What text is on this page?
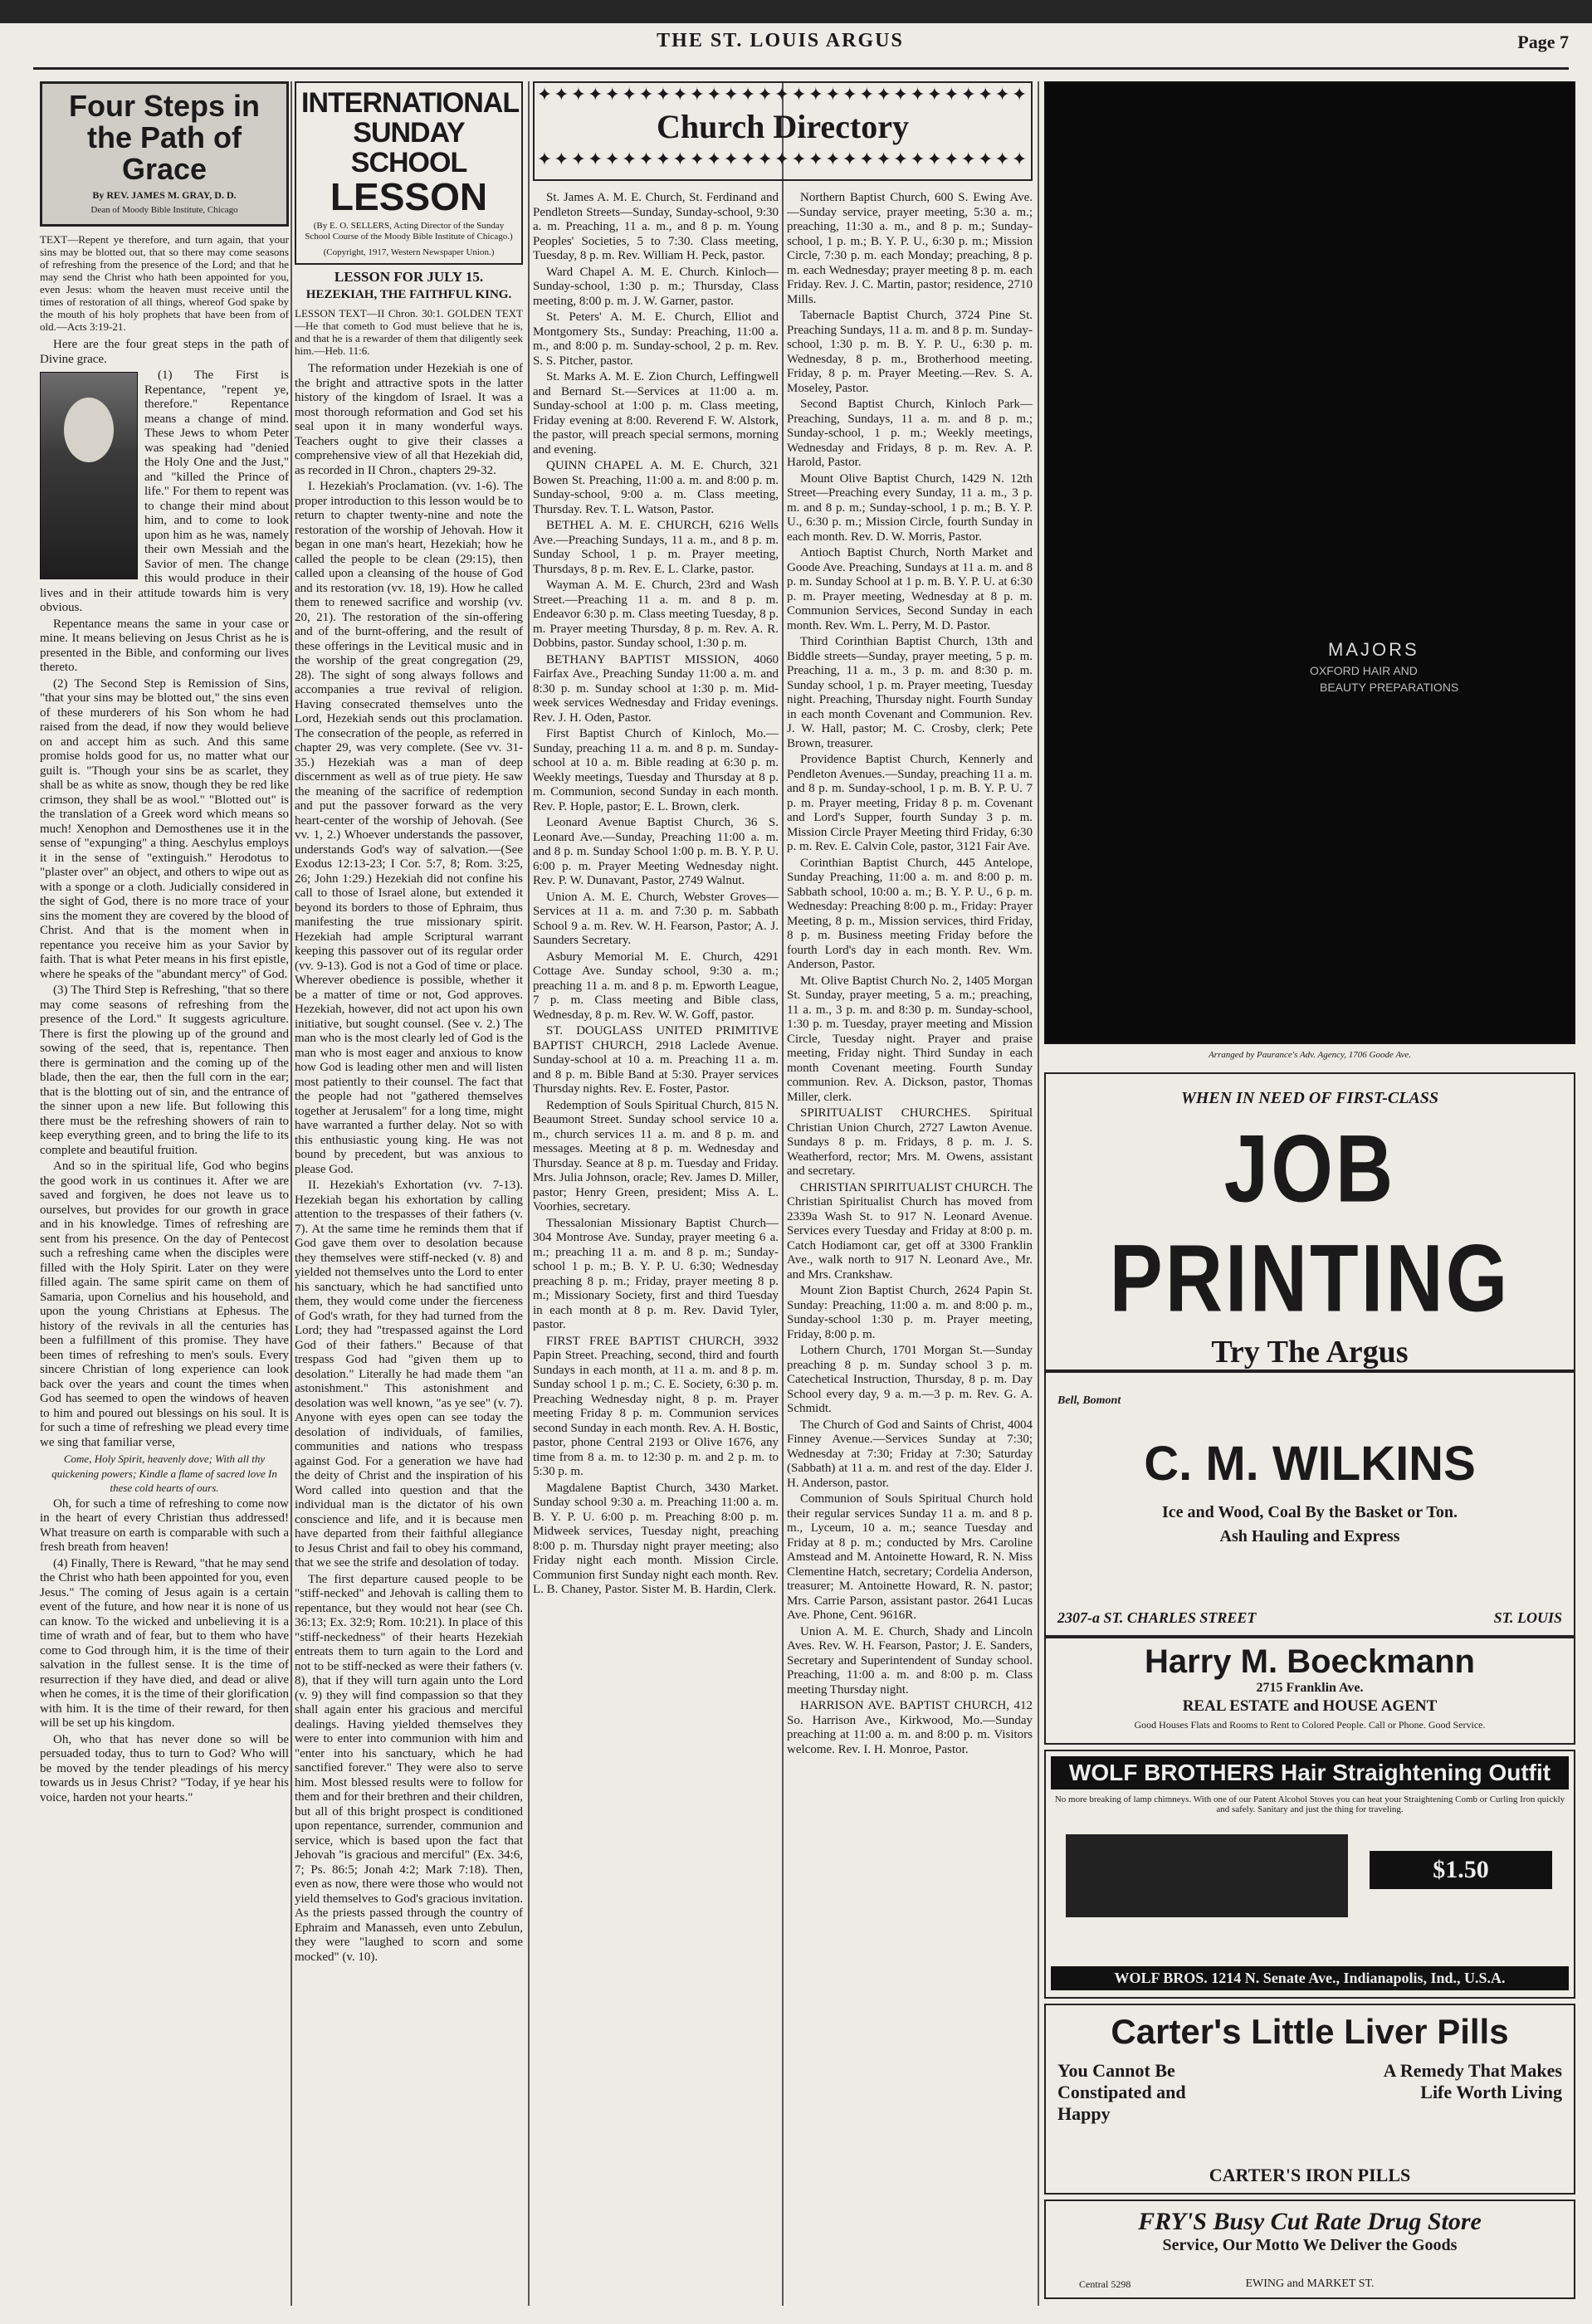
THE ST. LOUIS ARGUS	Page 7
Four Steps in the Path of Grace
By REV. JAMES M. GRAY, D. D.
Dean of Moody Bible Institute, Chicago
TEXT—Repent ye therefore, and turn again, that your sins may be blotted out, that so there may come seasons of refreshing from the presence of the Lord; and that he may send the Christ who hath been appointed for you, even Jesus: whom the heaven must receive until the times of restoration of all things, whereof God spake by the mouth of his holy prophets that have been from of old.—Acts 3:19-21.

Here are the four great steps in the path of Divine grace.

(1) The First is Repentance, "repent ye, therefore." Repentance means a change of mind. These Jews to whom Peter was speaking had "denied the Holy One and the Just," and "killed the Prince of life." For them to repent was to change their mind about him, and to come to look upon him as he was, namely their own Messiah and the Savior of men. The change this would produce in their lives and in their attitude towards him is very obvious.

Repentance means the same in your case or mine. It means believing on Jesus Christ as he is presented in the Bible, and conforming our lives thereto.

(2) The Second Step is Remission of Sins, "that your sins may be blotted out," the sins even of these murderers of his Son whom he had raised from the dead, if now they would believe on and accept him as such. And this same promise holds good for us, no matter what our guilt is. "Though your sins be as scarlet, they shall be as white as snow, though they be red like crimson, they shall be as wool." "Blotted out" is the translation of a Greek word which means so much! Xenophon and Demosthenes use it in the sense of "expunging" a thing. Aeschylus employs it in the sense of "extinguish." Herodotus to "plaster over" an object, and others to wipe out as with a sponge or a cloth. Judicially considered in the sight of God, there is no more trace of your sins the moment they are covered by the blood of Christ. And that is the moment when in repentance you receive him as your Savior by faith. That is what Peter means in his first epistle, where he speaks of the "abundant mercy" of God.

(3) The Third Step is Refreshing, "that so there may come seasons of refreshing from the presence of the Lord." It suggests agriculture. There is first the plowing up of the ground and sowing of the seed, that is, repentance. Then there is germination and the coming up of the blade, then the ear, then the full corn in the ear; that is the blotting out of sin, and the entrance of the sinner upon a new life. But following this there must be the refreshing showers of rain to keep everything green, and to bring the life to its complete and beautiful fruition.

And so in the spiritual life, God who begins the good work in us continues it. After we are saved and forgiven, he does not leave us to ourselves, but provides for our growth in grace and in his knowledge. Times of refreshing are sent from his presence. On the day of Pentecost such a refreshing came when the disciples were filled with the Holy Spirit. Later on they were filled again. The same spirit came on them of Samaria, upon Cornelius and his household, and upon the young Christians at Ephesus. The history of the revivals in all the centuries has been a fulfillment of this promise. They have been times of refreshing to men's souls. Every sincere Christian of long experience can look back over the years and count the times when God has seemed to open the windows of heaven to him and poured out blessings on his soul. It is for such a time of refreshing we plead every time we sing that familiar verse,

Come, Holy Spirit, heavenly dove; With all thy quickening powers; Kindle a flame of sacred love In these cold hearts of ours.

Oh, for such a time of refreshing to come now in the heart of every Christian thus addressed! What treasure on earth is comparable with such a fresh breath from heaven!

(4) Finally, There is Reward, "that he may send the Christ who hath been appointed for you, even Jesus." The coming of Jesus again is a certain event of the future, and how near it is none of us can know. To the wicked and unbelieving it is a time of wrath and of fear, but to them who have come to God through him, it is the time of their salvation in the fullest sense. It is the time of resurrection if they have died, and dead or alive when he comes, it is the time of their glorification with him. It is the time of their reward, for then will be set up his kingdom.

Oh, who that has never done so will be persuaded today, thus to turn to God? Who will be moved by the tender pleadings of his mercy towards us in Jesus Christ? "Today, if ye hear his voice, harden not your hearts."

INTERNATIONAL
SUNDAY SCHOOL
LESSON
(By E. O. SELLERS, Acting Director of the Sunday School Course of the Moody Bible Institute of Chicago.)
(Copyright, 1917, Western Newspaper Union.)
LESSON FOR JULY 15.
HEZEKIAH, THE FAITHFUL KING.
LESSON TEXT—II Chron. 30:1. GOLDEN TEXT—He that cometh to God must believe that he is, and that he is a rewarder of them that diligently seek him.—Heb. 11:6.

The reformation under Hezekiah is one of the bright and attractive spots in the latter history of the kingdom of Israel. It was a most thorough reformation and God set his seal upon it in many wonderful ways. Teachers ought to give their classes a comprehensive view of all that Hezekiah did, as recorded in II Chron., chapters 29-32.

I. Hezekiah's Proclamation. (vv. 1-6). The proper introduction to this lesson would be to return to chapter twenty-nine and note the restoration of the worship of Jehovah. How it began in one man's heart, Hezekiah; how he called the people to be clean (29:15), then called upon a cleansing of the house of God and its restoration (vv. 18, 19). How he called them to renewed sacrifice and worship (vv. 20, 21). The restoration of the sin-offering and of the burnt-offering, and the result of these offerings in the Levitical music and in the worship of the great congregation (29, 28). The sight of song always follows and accompanies a true revival of religion. Having consecrated themselves unto the Lord, Hezekiah sends out this proclamation. The consecration of the people, as referred in chapter 29, was very complete. (See vv. 31-35.) Hezekiah was a man of deep discernment as well as of true piety. He saw the meaning of the sacrifice of redemption and put the passover forward as the very heart-center of the worship of Jehovah. (See vv. 1, 2.) Whoever understands the passover, understands God's way of salvation.—(See Exodus 12:13-23; I Cor. 5:7, 8; Rom. 3:25, 26; John 1:29.) Hezekiah did not confine his call to those of Israel alone, but extended it beyond its borders to those of Ephraim, thus manifesting the true missionary spirit. Hezekiah had ample Scriptural warrant keeping this passover out of its regular order (vv. 9-13). God is not a God of time or place. Wherever obedience is possible, whether it be a matter of time or not, God approves. Hezekiah, however, did not act upon his own initiative, but sought counsel. (See v. 2.) The man who is the most clearly led of God is the man who is most eager and anxious to know how God is leading other men and will listen most patiently to their counsel. The fact that the people had not "gathered themselves together at Jerusalem" for a long time, might have warranted a further delay. Not so with this enthusiastic young king. He was not bound by precedent, but was anxious to please God.

II. Hezekiah's Exhortation (vv. 7-13). Hezekiah began his exhortation by calling attention to the trespasses of their fathers (v. 7). At the same time he reminds them that if God gave them over to desolation because they themselves were stiff-necked (v. 8) and yielded not themselves unto the Lord to enter his sanctuary, which he had sanctified unto them, they would come under the fierceness of God's wrath, for they had turned from the Lord; they had "trespassed against the Lord God of their fathers." Because of that trespass God had "given them up to desolation." Literally he had made them "an astonishment." This astonishment and desolation was well known, "as ye see" (v. 7). Anyone with eyes open can see today the desolation of individuals, of families, communities and nations who trespass against God. For a generation we have had the deity of Christ and the inspiration of his Word called into question and that the individual man is the dictator of his own conscience and life, and it is because men have departed from their faithful allegiance to Jesus Christ and fail to obey his command, that we see the strife and desolation of today.

The first departure caused people to be "stiff-necked" and Jehovah is calling them to repentance, but they would not hear (see Ch. 36:13; Ex. 32:9; Rom. 10:21). In place of this "stiff-neckedness" of their hearts Hezekiah entreats them to turn again to the Lord and not to be stiff-necked as were their fathers (v. 8), that if they will turn again unto the Lord (v. 9) they will find compassion so that they shall again enter his gracious and merciful dealings. Having yielded themselves they were to enter into communion with him and "enter into his sanctuary, which he had sanctified forever." They were also to serve him. Most blessed results were to follow for them and for their brethren and their children, but all of this bright prospect is conditioned upon repentance, surrender, communion and service, which is based upon the fact that Jehovah "is gracious and merciful" (Ex. 34:6, 7; Ps. 86:5; Jonah 4:2; Mark 7:18). Then, even as now, there were those who would not yield themselves to God's gracious invitation. As the priests passed through the country of Ephraim and Manasseh, even unto Zebulun, they were "laughed to scorn and some mocked" (v. 10).

✦✦✦✦✦✦✦✦✦✦✦✦✦✦✦✦✦✦✦✦✦✦✦✦✦✦✦✦✦
Church Directory
✦✦✦✦✦✦✦✦✦✦✦✦✦✦✦✦✦✦✦✦✦✦✦✦✦✦✦✦✦

St. James A. M. E. Church, St. Ferdinand and Pendleton Streets—Sunday, Sunday-school, 9:30 a. m. Preaching, 11 a. m., and 8 p. m. Young Peoples' Societies, 5 to 7:30. Class meeting, Tuesday, 8 p. m. Rev. William H. Peck, pastor.

Ward Chapel A. M. E. Church. Kinloch—Sunday-school, 1:30 p. m.; Thursday, Class meeting, 8:00 p. m. J. W. Garner, pastor.

St. Peters' A. M. E. Church, Elliot and Montgomery Sts., Sunday: Preaching, 11:00 a. m., and 8:00 p. m. Sunday-school, 2 p. m. Rev. S. S. Pitcher, pastor.

St. Marks A. M. E. Zion Church, Leffingwell and Bernard St.—Services at 11:00 a. m. Sunday-school at 1:00 p. m. Class meeting, Friday evening at 8:00. Reverend F. W. Alstork, the pastor, will preach special sermons, morning and evening.

QUINN CHAPEL A. M. E. Church, 321 Bowen St. Preaching, 11:00 a. m. and 8:00 p. m. Sunday-school, 9:00 a. m. Class meeting, Thursday. Rev. T. L. Watson, Pastor.

BETHEL A. M. E. CHURCH, 6216 Wells Ave.—Preaching Sundays, 11 a. m., and 8 p. m. Sunday School, 1 p. m. Prayer meeting, Thursdays, 8 p. m. Rev. E. L. Clarke, pastor.

Wayman A. M. E. Church, 23rd and Wash Street.—Preaching 11 a. m. and 8 p. m. Endeavor 6:30 p. m. Class meeting Tuesday, 8 p. m. Prayer meeting Thursday, 8 p. m. Rev. A. R. Dobbins, pastor. Sunday school, 1:30 p. m.

BETHANY BAPTIST MISSION, 4060 Fairfax Ave., Preaching Sunday 11:00 a. m. and 8:30 p. m. Sunday school at 1:30 p. m. Mid-week services Wednesday and Friday evenings. Rev. J. H. Oden, Pastor.

First Baptist Church of Kinloch, Mo.—Sunday, preaching 11 a. m. and 8 p. m. Sunday-school at 10 a. m. Bible reading at 6:30 p. m. Weekly meetings, Tuesday and Thursday at 8 p. m. Communion, second Sunday in each month. Rev. P. Hople, pastor; E. L. Brown, clerk.

Leonard Avenue Baptist Church, 36 S. Leonard Ave.—Sunday, Preaching 11:00 a. m. and 8 p. m. Sunday School 1:00 p. m. B. Y. P. U. 6:00 p. m. Prayer Meeting Wednesday night. Rev. P. W. Dunavant, Pastor, 2749 Walnut.

Union A. M. E. Church, Webster Groves—Services at 11 a. m. and 7:30 p. m. Sabbath School 9 a. m. Rev. W. H. Fearson, Pastor; A. J. Saunders Secretary.

Asbury Memorial M. E. Church, 4291 Cottage Ave. Sunday school, 9:30 a. m.; preaching 11 a. m. and 8 p. m. Epworth League, 7 p. m. Class meeting and Bible class, Wednesday, 8 p. m. Rev. W. W. Goff, pastor.

ST. DOUGLASS UNITED PRIMITIVE BAPTIST CHURCH, 2918 Laclede Avenue. Sunday-school at 10 a. m. Preaching 11 a. m. and 8 p. m. Bible Band at 5:30. Prayer services Thursday nights. Rev. E. Foster, Pastor.

Redemption of Souls Spiritual Church, 815 N. Beaumont Street. Sunday school service 10 a. m., church services 11 a. m. and 8 p. m. and messages. Meeting at 8 p. m. Wednesday and Thursday. Seance at 8 p. m. Tuesday and Friday. Mrs. Julia Johnson, oracle; Rev. James D. Miller, pastor; Henry Green, president; Miss A. L. Voorhies, secretary.

Thessalonian Missionary Baptist Church—304 Montrose Ave. Sunday, prayer meeting 6 a. m.; preaching 11 a. m. and 8 p. m.; Sunday-school 1 p. m.; B. Y. P. U. 6:30; Wednesday preaching 8 p. m.; Friday, prayer meeting 8 p. m.; Missionary Society, first and third Tuesday in each month at 8 p. m. Rev. David Tyler, pastor.

FIRST FREE BAPTIST CHURCH, 3932 Papin Street. Preaching, second, third and fourth Sundays in each month, at 11 a. m. and 8 p. m. Sunday school 1 p. m.; C. E. Society, 6:30 p. m. Preaching Wednesday night, 8 p. m. Prayer meeting Friday 8 p. m. Communion services second Sunday in each month. Rev. A. H. Bostic, pastor, phone Central 2193 or Olive 1676, any time from 8 a. m. to 12:30 p. m. and 2 p. m. to 5:30 p. m.

Magdalene Baptist Church, 3430 Market. Sunday school 9:30 a. m. Preaching 11:00 a. m. B. Y. P. U. 6:00 p. m. Preaching 8:00 p. m. Midweek services, Tuesday night, preaching 8:00 p. m. Thursday night prayer meeting; also Friday night each month. Mission Circle. Communion first Sunday night each month. Rev. L. B. Chaney, Pastor. Sister M. B. Hardin, Clerk.

Northern Baptist Church, 600 S. Ewing Ave.—Sunday service, prayer meeting, 5:30 a. m.; preaching, 11:30 a. m., and 8 p. m.; Sunday-school, 1 p. m.; B. Y. P. U., 6:30 p. m.; Mission Circle, 7:30 p. m. each Monday; preaching, 8 p. m. each Wednesday; prayer meeting 8 p. m. each Friday. Rev. J. C. Martin, pastor; residence, 2710 Mills.

Tabernacle Baptist Church, 3724 Pine St. Preaching Sundays, 11 a. m. and 8 p. m. Sunday-school, 1:30 p. m. B. Y. P. U., 6:30 p. m. Wednesday, 8 p. m., Brotherhood meeting. Friday, 8 p. m. Prayer Meeting.—Rev. S. A. Moseley, Pastor.

Second Baptist Church, Kinloch Park—Preaching, Sundays, 11 a. m. and 8 p. m.; Sunday-school, 1 p. m.; Weekly meetings, Wednesday and Fridays, 8 p. m. Rev. A. P. Harold, Pastor.

Mount Olive Baptist Church, 1429 N. 12th Street—Preaching every Sunday, 11 a. m., 3 p. m. and 8 p. m.; Sunday-school, 1 p. m.; B. Y. P. U., 6:30 p. m.; Mission Circle, fourth Sunday in each month. Rev. D. W. Morris, Pastor.

Antioch Baptist Church, North Market and Goode Ave. Preaching, Sundays at 11 a. m. and 8 p. m. Sunday School at 1 p. m. B. Y. P. U. at 6:30 p. m. Prayer meeting, Wednesday at 8 p. m. Communion Services, Second Sunday in each month. Rev. Wm. L. Perry, M. D. Pastor.

Third Corinthian Baptist Church, 13th and Biddle streets—Sunday, prayer meeting, 5 p. m. Preaching, 11 a. m., 3 p. m. and 8:30 p. m. Sunday school, 1 p. m. Prayer meeting, Tuesday night. Preaching, Thursday night. Fourth Sunday in each month Covenant and Communion. Rev. J. W. Hall, pastor; M. C. Crosby, clerk; Pete Brown, treasurer.

Providence Baptist Church, Kennerly and Pendleton Avenues.—Sunday, preaching 11 a. m. and 8 p. m. Sunday-school, 1 p. m. B. Y. P. U. 7 p. m. Prayer meeting, Friday 8 p. m. Covenant and Lord's Supper, fourth Sunday 3 p. m. Mission Circle Prayer Meeting third Friday, 6:30 p. m. Rev. E. Calvin Cole, pastor, 3121 Fair Ave.

Corinthian Baptist Church, 445 Antelope, Sunday Preaching, 11:00 a. m. and 8:00 p. m. Sabbath school, 10:00 a. m.; B. Y. P. U., 6 p. m. Wednesday: Preaching 8:00 p. m., Friday: Prayer Meeting, 8 p. m., Mission services, third Friday, 8 p. m. Business meeting Friday before the fourth Lord's day in each month. Rev. Wm. Anderson, Pastor.

Mt. Olive Baptist Church No. 2, 1405 Morgan St. Sunday, prayer meeting, 5 a. m.; preaching, 11 a. m., 3 p. m. and 8:30 p. m. Sunday-school, 1:30 p. m. Tuesday, prayer meeting and Mission Circle, Tuesday night. Prayer and praise meeting, Friday night. Third Sunday in each month Covenant meeting. Fourth Sunday communion. Rev. A. Dickson, pastor, Thomas Miller, clerk.

SPIRITUALIST CHURCHES. Spiritual Christian Union Church, 2727 Lawton Avenue. Sundays 8 p. m. Fridays, 8 p. m. J. S. Weatherford, rector; Mrs. M. Owens, assistant and secretary.

CHRISTIAN SPIRITUALIST CHURCH. The Christian Spiritualist Church has moved from 2339a Wash St. to 917 N. Leonard Avenue. Services every Tuesday and Friday at 8:00 p. m. Catch Hodiamont car, get off at 3300 Franklin Ave., walk north to 917 N. Leonard Ave., Mr. and Mrs. Crankshaw.

Mount Zion Baptist Church, 2624 Papin St. Sunday: Preaching, 11:00 a. m. and 8:00 p. m., Sunday-school 1:30 p. m. Prayer meeting, Friday, 8:00 p. m.

Lothern Church, 1701 Morgan St.—Sunday preaching 8 p. m. Sunday school 3 p. m. Catechetical Instruction, Thursday, 8 p. m. Day School every day, 9 a. m.—3 p. m. Rev. G. A. Schmidt.

The Church of God and Saints of Christ, 4004 Finney Avenue.—Services Sunday at 7:30; Wednesday at 7:30; Friday at 7:30; Saturday (Sabbath) at 11 a. m. and rest of the day. Elder J. H. Anderson, pastor.

Communion of Souls Spiritual Church hold their regular services Sunday 11 a. m. and 8 p. m., Lyceum, 10 a. m.; seance Tuesday and Friday at 8 p. m.; conducted by Mrs. Caroline Amstead and M. Antoinette Howard, R. N. Miss Clementine Hatch, secretary; Cordelia Anderson, treasurer; M. Antoinette Howard, R. N. pastor; Mrs. Carrie Parson, assistant pastor. 2641 Lucas Ave. Phone, Cent. 9616R.

Union A. M. E. Church, Shady and Lincoln Aves. Rev. W. H. Fearson, Pastor; J. E. Sanders, Secretary and Superintendent of Sunday school. Preaching, 11:00 a. m. and 8:00 p. m. Class meeting Thursday night.

HARRISON AVE. BAPTIST CHURCH, 412 So. Harrison Ave., Kirkwood, Mo.—Sunday preaching at 11:00 a. m. and 8:00 p. m. Visitors welcome. Rev. I. H. Monroe, Pastor.

MAJORS
OXFORD HAIR AND
BEAUTY PREPARATIONS
Arranged by Paurance's Adv. Agency, 1706 Goode Ave.
WHEN IN NEED OF FIRST-CLASS
JOB PRINTING
Try The Argus
Bell, Bomont
C. M. WILKINS
Ice and Wood, Coal By the Basket or Ton.
Ash Hauling and Express
2307-a ST. CHARLES STREET	ST. LOUIS
Harry M. Boeckmann
2715 Franklin Ave.
REAL ESTATE and HOUSE AGENT
Good Houses Flats and Rooms to Rent to Colored People. Call or Phone. Good Service.
WOLF BROTHERS Hair Straightening Outfit
No more breaking of lamp chimneys. With one of our Patent Alcohol Stoves you can heat your Straightening Comb or Curling Iron quickly and safely. Sanitary and just the thing for traveling.
$1.50
WOLF BROS. 1214 N. Senate Ave., Indianapolis, Ind., U.S.A.
Carter's Little Liver Pills
You Cannot Be Constipated and Happy
A Remedy That Makes Life Worth Living
CARTER'S IRON PILLS
FRY'S Busy Cut Rate Drug Store
Service, Our Motto We Deliver the Goods
Central 5298	EWING and MARKET ST.
